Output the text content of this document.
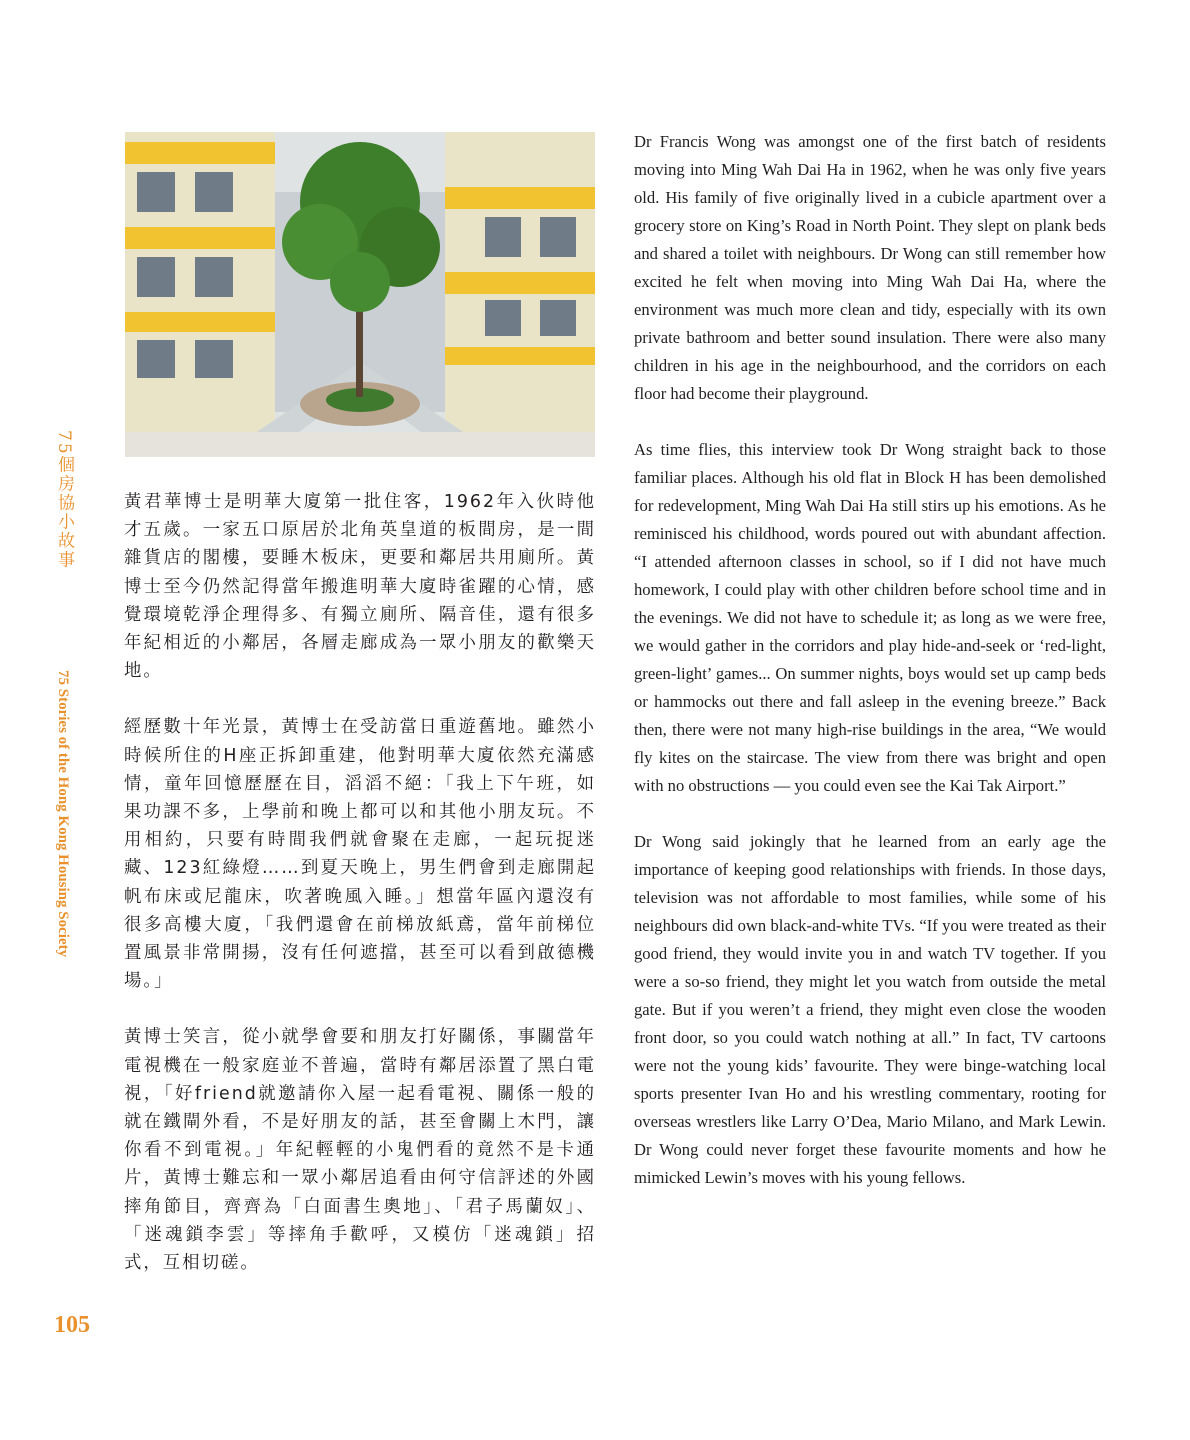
75個房協小故事
75 Stories of the Hong Kong Housing Society

黃君華博士是明華大廈第一批住客，1962年入伙時他才五歲。一家五口原居於北角英皇道的板間房，是一間雜貨店的閣樓，要睡木板床，更要和鄰居共用廁所。黃博士至今仍然記得當年搬進明華大廈時雀躍的心情，感覺環境乾淨企理得多、有獨立廁所、隔音佳，還有很多年紀相近的小鄰居，各層走廊成為一眾小朋友的歡樂天地。

經歷數十年光景，黃博士在受訪當日重遊舊地。雖然小時候所住的H座正拆卸重建，他對明華大廈依然充滿感情，童年回憶歷歷在目，滔滔不絕：「我上下午班，如果功課不多，上學前和晚上都可以和其他小朋友玩。不用相約，只要有時間我們就會聚在走廊，一起玩捉迷藏、123紅綠燈……到夏天晚上，男生們會到走廊開起帆布床或尼龍床，吹著晚風入睡。」想當年區內還沒有很多高樓大廈，「我們還會在前梯放紙鳶，當年前梯位置風景非常開揚，沒有任何遮擋，甚至可以看到啟德機場。」

黃博士笑言，從小就學會要和朋友打好關係，事關當年電視機在一般家庭並不普遍，當時有鄰居添置了黑白電視，「好friend就邀請你入屋一起看電視、關係一般的就在鐵閘外看，不是好朋友的話，甚至會關上木門，讓你看不到電視。」年紀輕輕的小鬼們看的竟然不是卡通片，黃博士難忘和一眾小鄰居追看由何守信評述的外國摔角節目，齊齊為「白面書生奧地」、「君子馬蘭奴」、「迷魂鎖李雲」等摔角手歡呼，又模仿「迷魂鎖」招式，互相切磋。

Dr Francis Wong was amongst one of the first batch of residents moving into Ming Wah Dai Ha in 1962, when he was only five years old. His family of five originally lived in a cubicle apartment over a grocery store on King’s Road in North Point. They slept on plank beds and shared a toilet with neighbours. Dr Wong can still remember how excited he felt when moving into Ming Wah Dai Ha, where the environment was much more clean and tidy, especially with its own private bathroom and better sound insulation. There were also many children in his age in the neighbourhood, and the corridors on each floor had become their playground.

As time flies, this interview took Dr Wong straight back to those familiar places. Although his old flat in Block H has been demolished for redevelopment, Ming Wah Dai Ha still stirs up his emotions. As he reminisced his childhood, words poured out with abundant affection. “I attended afternoon classes in school, so if I did not have much homework, I could play with other children before school time and in the evenings. We did not have to schedule it; as long as we were free, we would gather in the corridors and play hide-and-seek or ‘red-light, green-light’ games... On summer nights, boys would set up camp beds or hammocks out there and fall asleep in the evening breeze.” Back then, there were not many high-rise buildings in the area, “We would fly kites on the staircase. The view from there was bright and open with no obstructions — you could even see the Kai Tak Airport.”

Dr Wong said jokingly that he learned from an early age the importance of keeping good relationships with friends. In those days, television was not affordable to most families, while some of his neighbours did own black-and-white TVs. “If you were treated as their good friend, they would invite you in and watch TV together. If you were a so-so friend, they might let you watch from outside the metal gate. But if you weren’t a friend, they might even close the wooden front door, so you could watch nothing at all.” In fact, TV cartoons were not the young kids’ favourite. They were binge-watching local sports presenter Ivan Ho and his wrestling commentary, rooting for overseas wrestlers like Larry O’Dea, Mario Milano, and Mark Lewin. Dr Wong could never forget these favourite moments and how he mimicked Lewin’s moves with his young fellows.

105
